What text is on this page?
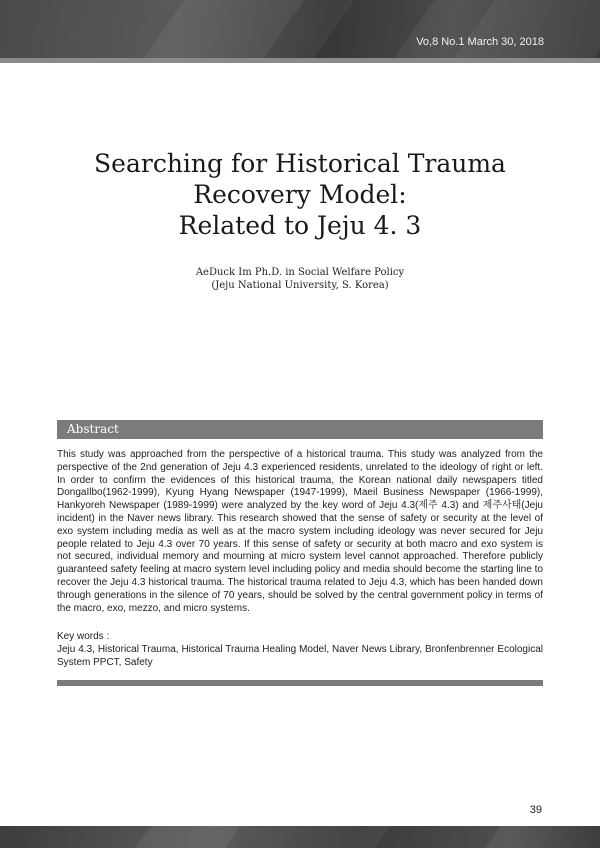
Vo,8 No.1 March 30, 2018
Searching for Historical Trauma
Recovery Model:
Related to Jeju 4. 3
AeDuck Im Ph.D. in Social Welfare Policy
(Jeju National University, S. Korea)
Abstract
This study was approached from the perspective of a historical trauma. This study was analyzed from the perspective of the 2nd generation of Jeju 4.3 experienced residents, unrelated to the ideology of right or left. In order to confirm the evidences of this historical trauma, the Korean national daily newspapers titled DongaIlbo(1962-1999), Kyung Hyang Newspaper (1947-1999), Maeil Business Newspaper (1966-1999), Hankyoreh Newspaper (1989-1999) were analyzed by the key word of Jeju 4.3(제주 4.3) and 제주사태(Jeju incident) in the Naver news library. This research showed that the sense of safety or security at the level of exo system including media as well as at the macro system including ideology was never secured for Jeju people related to Jeju 4.3 over 70 years. If this sense of safety or security at both macro and exo system is not secured, individual memory and mourning at micro system level cannot approached. Therefore publicly guaranteed safety feeling at macro system level including policy and media should become the starting line to recover the Jeju 4.3 historical trauma. The historical trauma related to Jeju 4.3, which has been handed down through generations in the silence of 70 years, should be solved by the central government policy in terms of the macro, exo, mezzo, and micro systems.
Key words :
Jeju 4.3, Historical Trauma, Historical Trauma Healing Model, Naver News Library, Bronfenbrenner Ecological System PPCT, Safety
39
